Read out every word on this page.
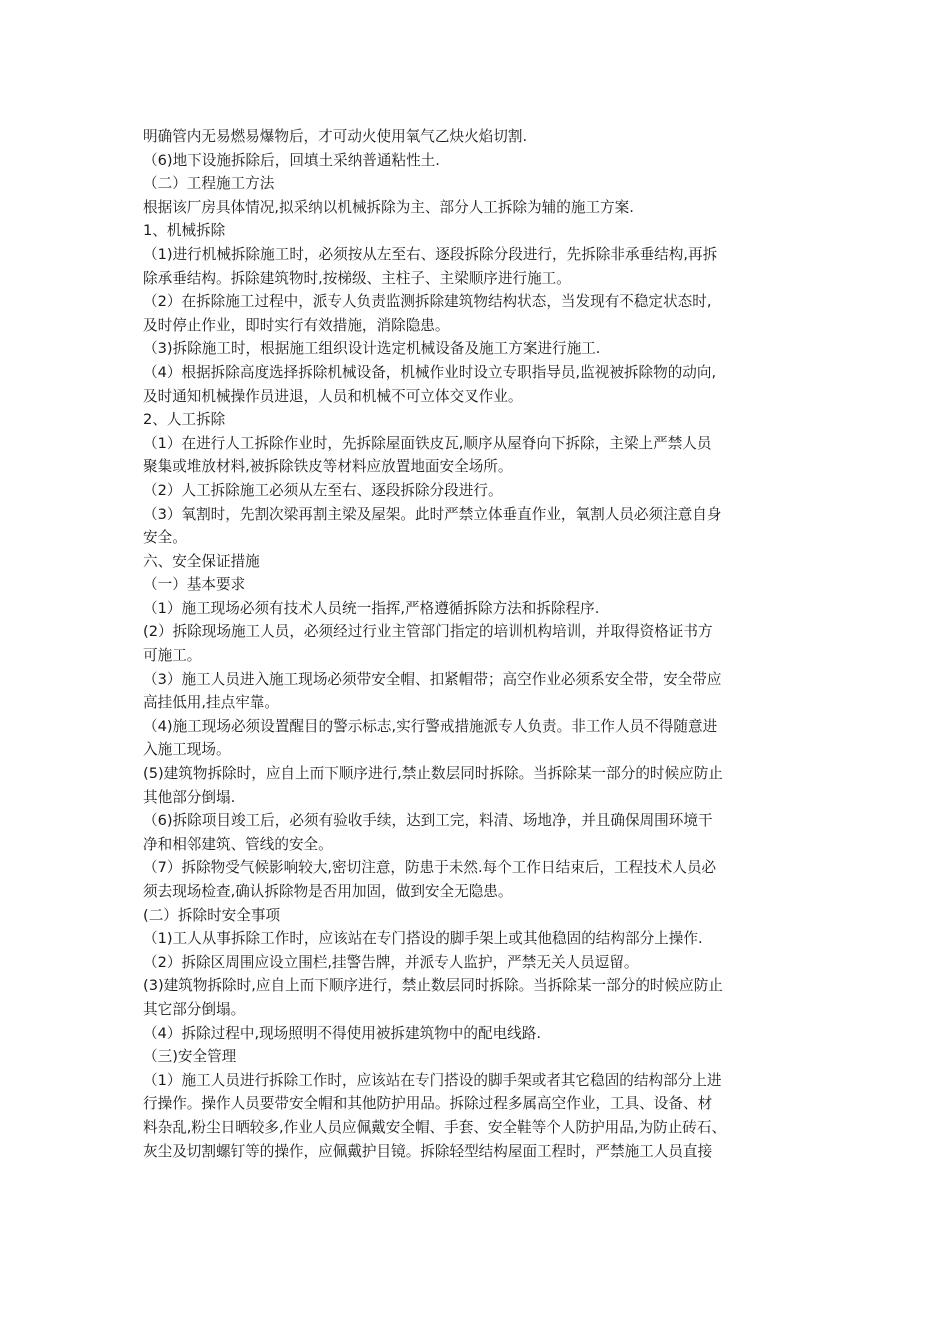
明确管内无易燃易爆物后，才可动火使用氧气乙炔火焰切割.
（6)地下设施拆除后，回填土采纳普通粘性土.
（二）工程施工方法
根据该厂房具体情况,拟采纳以机械拆除为主、部分人工拆除为辅的施工方案.
1、机械拆除
（1)进行机械拆除施工时，必须按从左至右、逐段拆除分段进行，先拆除非承垂结构,再拆
除承垂结构。拆除建筑物时,按梯级、主柱子、主梁顺序进行施工。
（2）在拆除施工过程中，派专人负责监测拆除建筑物结构状态，当发现有不稳定状态时,
及时停止作业，即时实行有效措施，消除隐患。
（3)拆除施工时，根据施工组织设计选定机械设备及施工方案进行施工.
（4）根据拆除高度选择拆除机械设备，机械作业时设立专职指导员,监视被拆除物的动向,
及时通知机械操作员进退，人员和机械不可立体交叉作业。
2、人工拆除
（1）在进行人工拆除作业时，先拆除屋面铁皮瓦,顺序从屋脊向下拆除，主梁上严禁人员
聚集或堆放材料,被拆除铁皮等材料应放置地面安全场所。
（2）人工拆除施工必须从左至右、逐段拆除分段进行。
（3）氧割时，先割次梁再割主梁及屋架。此时严禁立体垂直作业，氧割人员必须注意自身
安全。
六、安全保证措施
（一）基本要求
（1）施工现场必须有技术人员统一指挥,严格遵循拆除方法和拆除程序.
(2）拆除现场施工人员，必须经过行业主管部门指定的培训机构培训，并取得资格证书方
可施工。
（3）施工人员进入施工现场必须带安全帽、扣紧帽带；高空作业必须系安全带，安全带应
高挂低用,挂点牢靠。
（4)施工现场必须设置醒目的警示标志,实行警戒措施派专人负责。非工作人员不得随意进
入施工现场。
(5)建筑物拆除时，应自上而下顺序进行,禁止数层同时拆除。当拆除某一部分的时候应防止
其他部分倒塌.
（6)拆除项目竣工后，必须有验收手续，达到工完，料清、场地净，并且确保周围环境干
净和相邻建筑、管线的安全。
（7）拆除物受气候影响较大,密切注意，防患于未然.每个工作日结束后，工程技术人员必
须去现场检查,确认拆除物是否用加固，做到安全无隐患。
(二）拆除时安全事项
（1)工人从事拆除工作时，应该站在专门搭设的脚手架上或其他稳固的结构部分上操作.
（2）拆除区周围应设立围栏,挂警告牌，并派专人监护，严禁无关人员逗留。
(3)建筑物拆除时,应自上而下顺序进行，禁止数层同时拆除。当拆除某一部分的时候应防止
其它部分倒塌。
（4）拆除过程中,现场照明不得使用被拆建筑物中的配电线路.
（三)安全管理
（1）施工人员进行拆除工作时，应该站在专门搭设的脚手架或者其它稳固的结构部分上进
行操作。操作人员要带安全帽和其他防护用品。拆除过程多属高空作业，工具、设备、材
料杂乱,粉尘日晒较多,作业人员应佩戴安全帽、手套、安全鞋等个人防护用品,为防止砖石、
灰尘及切割螺钉等的操作，应佩戴护目镜。拆除轻型结构屋面工程时，严禁施工人员直接
